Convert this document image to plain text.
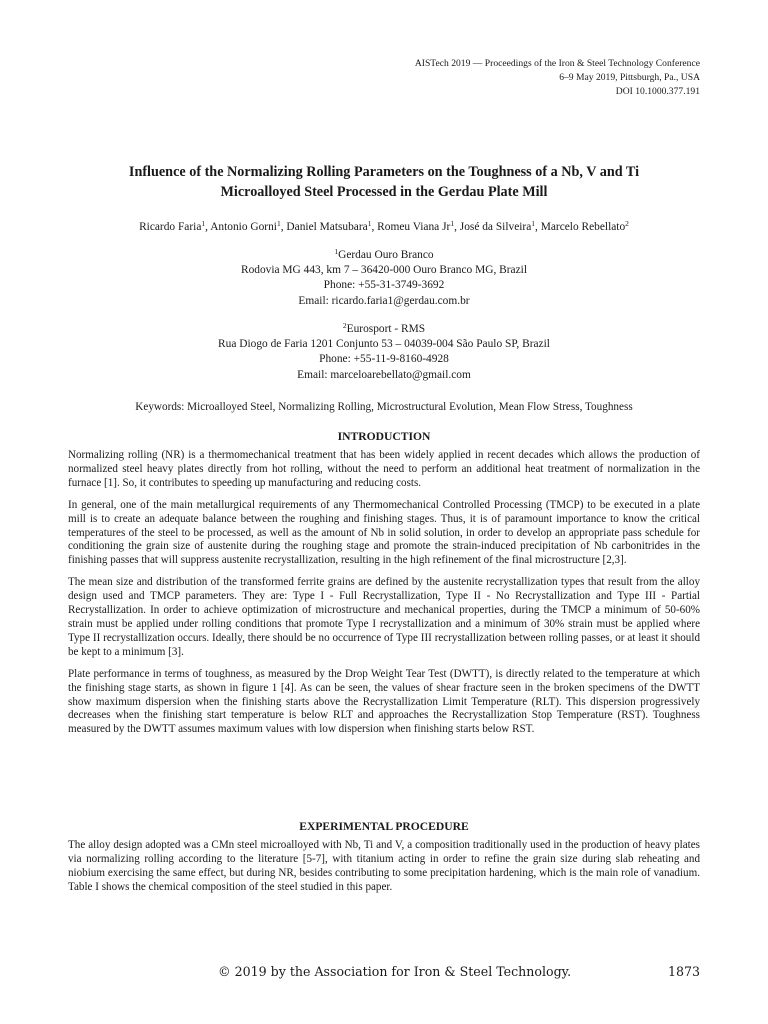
AISTech 2019 — Proceedings of the Iron & Steel Technology Conference
6–9 May 2019, Pittsburgh, Pa., USA
DOI 10.1000.377.191
Influence of the Normalizing Rolling Parameters on the Toughness of a Nb, V and Ti
Microalloyed Steel Processed in the Gerdau Plate Mill
Ricardo Faria$^1$, Antonio Gorni$^1$, Daniel Matsubara$^1$, Romeu Viana Jr$^1$, José da Silveira$^1$, Marcelo Rebellato$^2$
$^1$Gerdau Ouro Branco
Rodovia MG 443, km 7 – 36420-000 Ouro Branco MG, Brazil
Phone: +55-31-3749-3692
Email: ricardo.faria1@gerdau.com.br
$^2$Eurosport - RMS
Rua Diogo de Faria 1201 Conjunto 53 – 04039-004 São Paulo SP, Brazil
Phone: +55-11-9-8160-4928
Email: marceloarebellato@gmail.com
Keywords: Microalloyed Steel, Normalizing Rolling, Microstructural Evolution, Mean Flow Stress, Toughness
INTRODUCTION

Normalizing rolling (NR) is a thermomechanical treatment that has been widely applied in recent decades which allows the production of normalized steel heavy plates directly from hot rolling, without the need to perform an additional heat treatment of normalization in the furnace [1]. So, it contributes to speeding up manufacturing and reducing costs.

In general, one of the main metallurgical requirements of any Thermomechanical Controlled Processing (TMCP) to be executed in a plate mill is to create an adequate balance between the roughing and finishing stages. Thus, it is of paramount importance to know the critical temperatures of the steel to be processed, as well as the amount of Nb in solid solution, in order to develop an appropriate pass schedule for conditioning the grain size of austenite during the roughing stage and promote the strain-induced precipitation of Nb carbonitrides in the finishing passes that will suppress austenite recrystallization, resulting in the high refinement of the final microstructure [2,3].

The mean size and distribution of the transformed ferrite grains are defined by the austenite recrystallization types that result from the alloy design used and TMCP parameters. They are: Type I - Full Recrystallization, Type II - No Recrystallization and Type III - Partial Recrystallization. In order to achieve optimization of microstructure and mechanical properties, during the TMCP a minimum of 50-60% strain must be applied under rolling conditions that promote Type I recrystallization and a minimum of 30% strain must be applied where Type II recrystallization occurs. Ideally, there should be no occurrence of Type III recrystallization between rolling passes, or at least it should be kept to a minimum [3].

Plate performance in terms of toughness, as measured by the Drop Weight Tear Test (DWTT), is directly related to the temperature at which the finishing stage starts, as shown in figure 1 [4]. As can be seen, the values of shear fracture seen in the broken specimens of the DWTT show maximum dispersion when the finishing starts above the Recrystallization Limit Temperature (RLT). This dispersion progressively decreases when the finishing start temperature is below RLT and approaches the Recrystallization Stop Temperature (RST). Toughness measured by the DWTT assumes maximum values with low dispersion when finishing starts below RST.

EXPERIMENTAL PROCEDURE

The alloy design adopted was a CMn steel microalloyed with Nb, Ti and V, a composition traditionally used in the production of heavy plates via normalizing rolling according to the literature [5-7], with titanium acting in order to refine the grain size during slab reheating and niobium exercising the same effect, but during NR, besides contributing to some precipitation hardening, which is the main role of vanadium. Table I shows the chemical composition of the steel studied in this paper.

© 2019 by the Association for Iron & Steel Technology.	1873
